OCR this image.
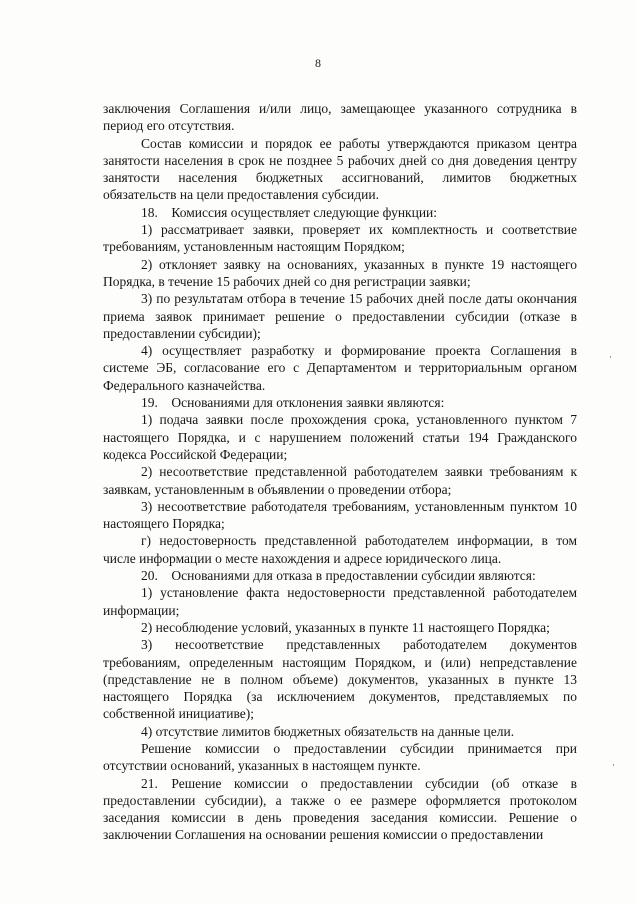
8
·
·

заключения Соглашения и/или лицо, замещающее указанного сотрудника в период его отсутствия.

Состав комиссии и порядок ее работы утверждаются приказом центра занятости населения в срок не позднее 5 рабочих дней со дня доведения центру занятости населения бюджетных ассигнований, лимитов бюджетных обязательств на цели предоставления субсидии.

18. Комиссия осуществляет следующие функции:

1) рассматривает заявки, проверяет их комплектность и соответствие требованиям, установленным настоящим Порядком;

2) отклоняет заявку на основаниях, указанных в пункте 19 настоящего Порядка, в течение 15 рабочих дней со дня регистрации заявки;

3) по результатам отбора в течение 15 рабочих дней после даты окончания приема заявок принимает решение о предоставлении субсидии (отказе в предоставлении субсидии);

4) осуществляет разработку и формирование проекта Соглашения в системе ЭБ, согласование его с Департаментом и территориальным органом Федерального казначейства.

19. Основаниями для отклонения заявки являются:

1) подача заявки после прохождения срока, установленного пунктом 7 настоящего Порядка, и с нарушением положений статьи 194 Гражданского кодекса Российской Федерации;

2) несоответствие представленной работодателем заявки требованиям к заявкам, установленным в объявлении о проведении отбора;

3) несоответствие работодателя требованиям, установленным пунктом 10 настоящего Порядка;

г) недостоверность представленной работодателем информации, в том числе информации о месте нахождения и адресе юридического лица.

20. Основаниями для отказа в предоставлении субсидии являются:

1) установление факта недостоверности представленной работодателем информации;

2) несоблюдение условий, указанных в пункте 11 настоящего Порядка;

3) несоответствие представленных работодателем документов требованиям, определенным настоящим Порядком, и (или) непредставление (представление не в полном объеме) документов, указанных в пункте 13 настоящего Порядка (за исключением документов, представляемых по собственной инициативе);

4) отсутствие лимитов бюджетных обязательств на данные цели.

Решение комиссии о предоставлении субсидии принимается при отсутствии оснований, указанных в настоящем пункте.

21. Решение комиссии о предоставлении субсидии (об отказе в предоставлении субсидии), а также о ее размере оформляется протоколом заседания комиссии в день проведения заседания комиссии. Решение о заключении Соглашения на основании решения комиссии о предоставлении
